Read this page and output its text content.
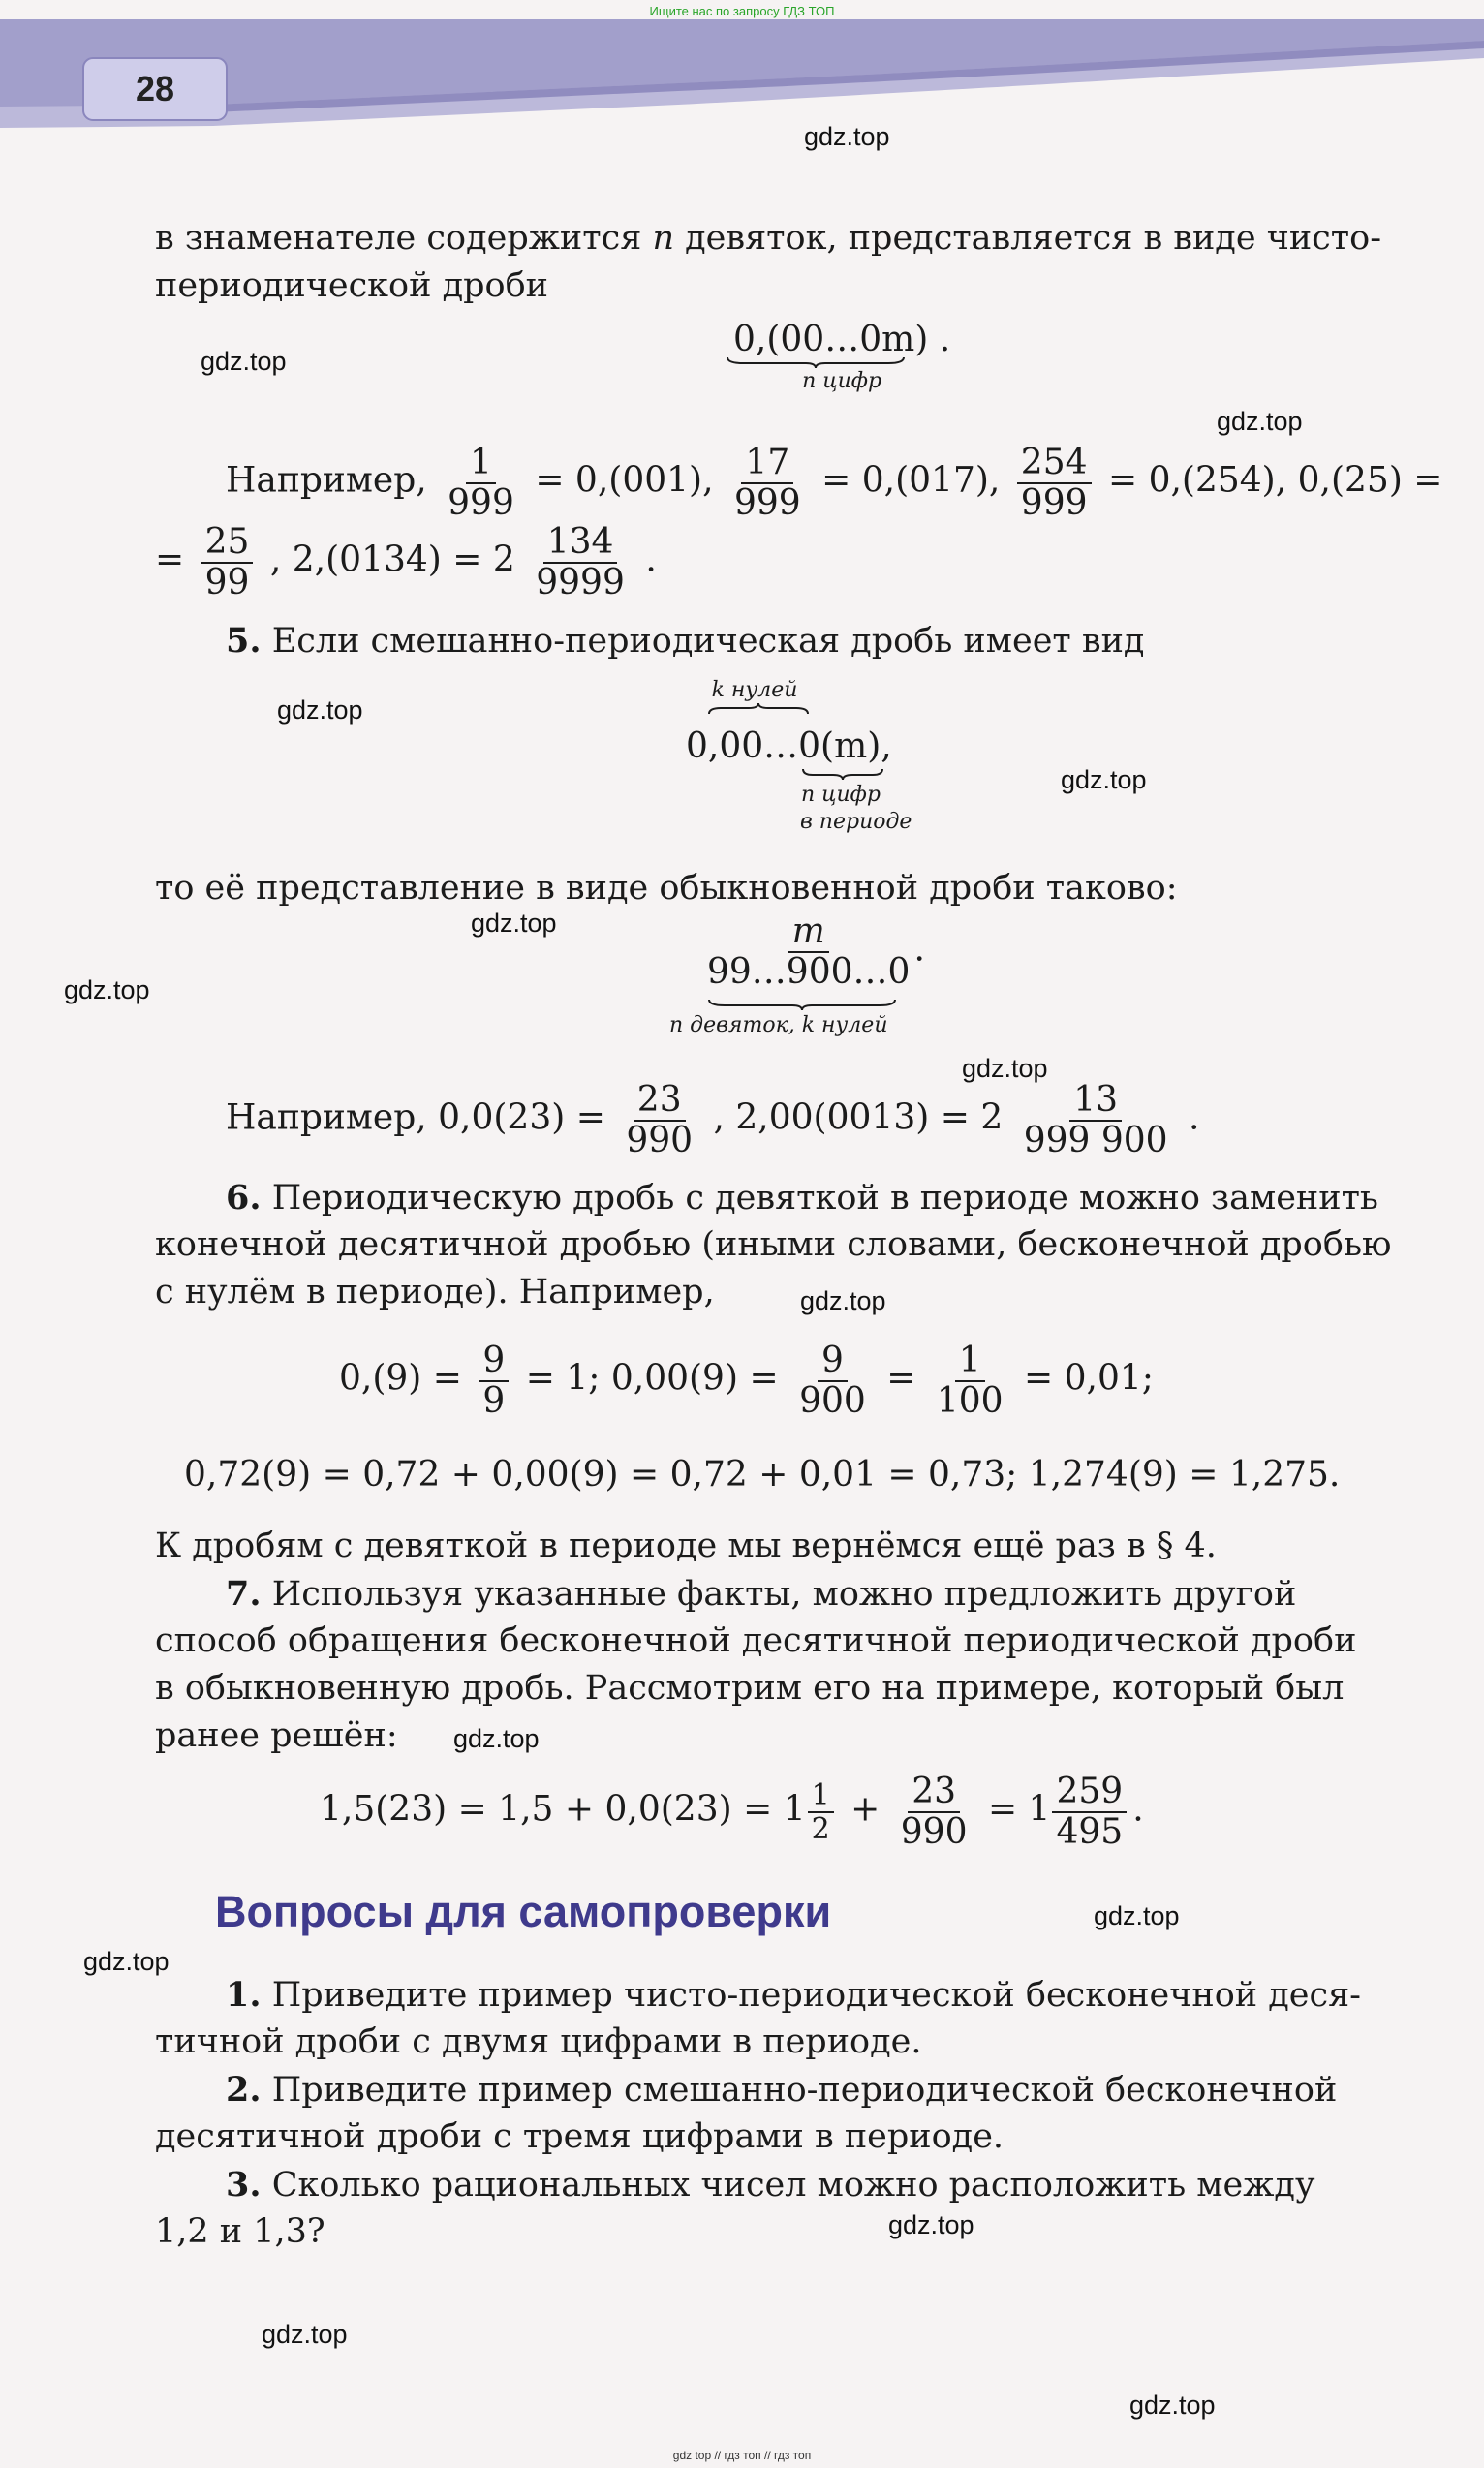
Ищите нас по запросу ГДЗ ТОП
28
gdz.top
gdz.top
gdz.top
gdz.top
gdz.top
gdz.top
gdz.top
gdz.top
gdz.top
gdz.top
gdz.top
gdz.top
gdz.top
gdz.top
gdz.top
в знаменателе содержится n девяток, представляется в виде чисто-
периодической дроби
0,(00…0m) .
n цифр
Например, $\frac{1}{999} = 0,(001)$, $\frac{17}{999} = 0,(017)$, $\frac{254}{999} = 0,(254)$, 0,(25) =
= $\frac{25}{99}$ , $2,(0134) = 2 \frac{134}{9999}$ .
5. Если смешанно-периодическая дробь имеет вид
k нулей
0,00…0(m),
n цифр
в периоде
то её представление в виде обыкновенной дроби таково:
$\frac{m}{99\dots 900\dots 0}$ .
n девяток, k нулей
Например, $0,0(23) = \frac{23}{990}$ , $2,00(0013) = 2 \frac{13}{999 900}$ .
6. Периодическую дробь с девяткой в периоде можно заменить
конечной десятичной дробью (иными словами, бесконечной дробью
с нулём в периоде). Например,
$0,(9) = \frac{9}{9} = 1$; $0,00(9) = \frac{9}{900} = \frac{1}{100} = 0,01$;
0,72(9) = 0,72 + 0,00(9) = 0,72 + 0,01 = 0,73; 1,274(9) = 1,275.
К дробям с девяткой в периоде мы вернёмся ещё раз в § 4.
7. Используя указанные факты, можно предложить другой
способ обращения бесконечной десятичной периодической дроби
в обыкновенную дробь. Рассмотрим его на примере, который был
ранее решён:
$1,5(23) = 1,5 + 0,0(23) = 1 \frac{1}{2} + \frac{23}{990} = 1 \frac{259}{495}$ .
Вопросы для самопроверки
1. Приведите пример чисто-периодической бесконечной деся-
тичной дроби с двумя цифрами в периоде.
2. Приведите пример смешанно-периодической бесконечной
десятичной дроби с тремя цифрами в периоде.
3. Сколько рациональных чисел можно расположить между
1,2 и 1,3?
gdz top // гдз топ // гдз топ
